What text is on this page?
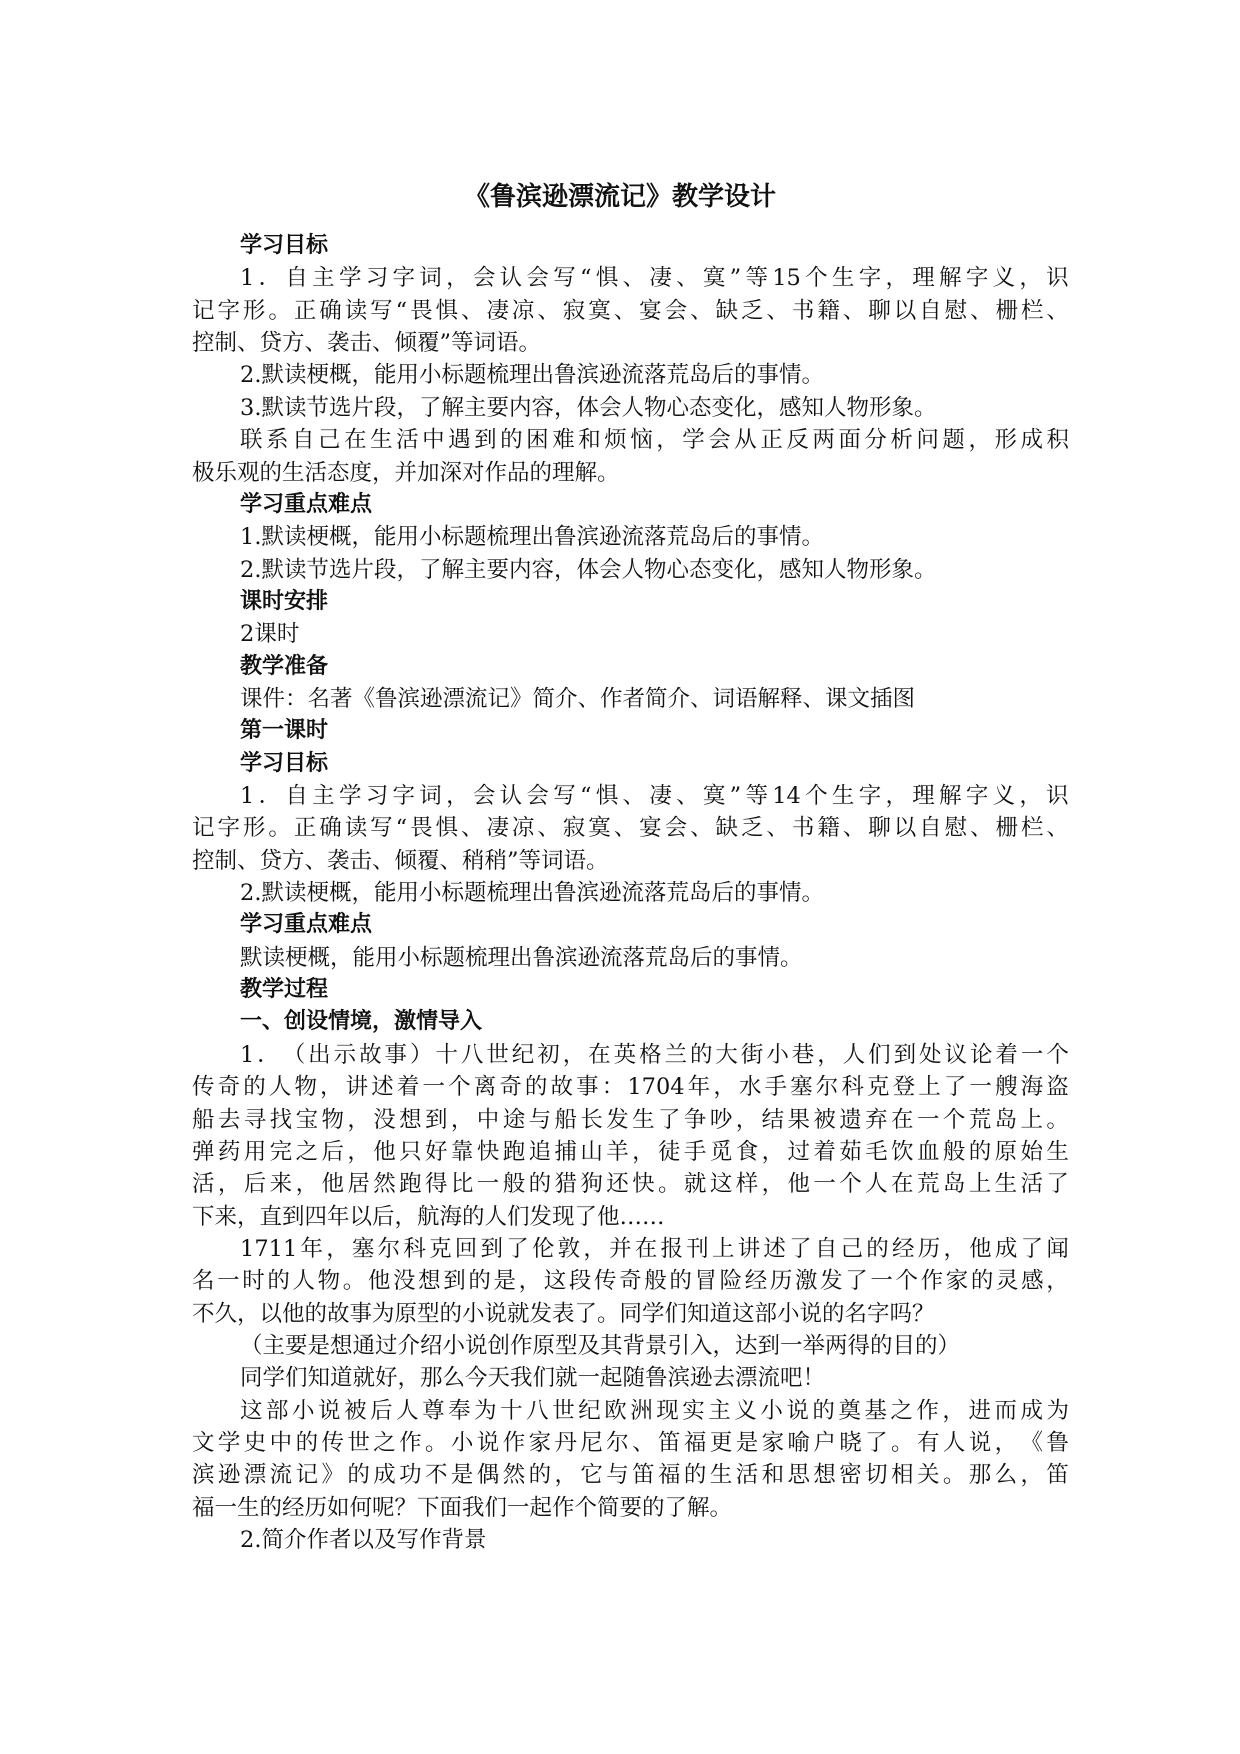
《鲁滨逊漂流记》教学设计
学习目标
1 ． 自 主 学 习 字 词 ， 会 认 会 写 “ 惧 、 凄 、 寞 ” 等 15 个 生 字 ， 理 解 字 义 ， 识
记 字 形 。 正 确 读 写 “ 畏 惧 、 凄 凉 、 寂 寞 、 宴 会 、 缺 乏 、 书 籍 、 聊 以 自 慰 、 栅 栏 、
控制、贷方、袭击、倾覆”等词语。
2.默读梗概，能用小标题梳理出鲁滨逊流落荒岛后的事情。
3.默读节选片段，了解主要内容，体会人物心态变化，感知人物形象。
联 系 自 己 在 生 活 中 遇 到 的 困 难 和 烦 恼 ， 学 会 从 正 反 两 面 分 析 问 题 ， 形 成 积
极乐观的生活态度，并加深对作品的理解。
学习重点难点
1.默读梗概，能用小标题梳理出鲁滨逊流落荒岛后的事情。
2.默读节选片段，了解主要内容，体会人物心态变化，感知人物形象。
课时安排
2课时
教学准备
课件：名著《鲁滨逊漂流记》简介、作者简介、词语解释、课文插图
第一课时
学习目标
1 ． 自 主 学 习 字 词 ， 会 认 会 写 “ 惧 、 凄 、 寞 ” 等 14 个 生 字 ， 理 解 字 义 ， 识
记 字 形 。 正 确 读 写 “ 畏 惧 、 凄 凉 、 寂 寞 、 宴 会 、 缺 乏 、 书 籍 、 聊 以 自 慰 、 栅 栏 、
控制、贷方、袭击、倾覆、稍稍”等词语。
2.默读梗概，能用小标题梳理出鲁滨逊流落荒岛后的事情。
学习重点难点
默读梗概，能用小标题梳理出鲁滨逊流落荒岛后的事情。
教学过程
一、创设情境，激情导入
1 ． （ 出 示 故 事 ） 十 八 世 纪 初 ， 在 英 格 兰 的 大 街 小 巷 ， 人 们 到 处 议 论 着 一 个
传 奇 的 人 物 ， 讲 述 着 一 个 离 奇 的 故 事 ： 1704 年 ， 水 手 塞 尔 科 克 登 上 了 一 艘 海 盗
船 去 寻 找 宝 物 ， 没 想 到 ， 中 途 与 船 长 发 生 了 争 吵 ， 结 果 被 遗 弃 在 一 个 荒 岛 上 。
弹 药 用 完 之 后 ， 他 只 好 靠 快 跑 追 捕 山 羊 ， 徒 手 觅 食 ， 过 着 茹 毛 饮 血 般 的 原 始 生
活 ， 后 来 ， 他 居 然 跑 得 比 一 般 的 猎 狗 还 快 。 就 这 样 ， 他 一 个 人 在 荒 岛 上 生 活 了
下来，直到四年以后，航海的人们发现了他……
1711 年 ， 塞 尔 科 克 回 到 了 伦 敦 ， 并 在 报 刊 上 讲 述 了 自 己 的 经 历 ， 他 成 了 闻
名 一 时 的 人 物 。 他 没 想 到 的 是 ， 这 段 传 奇 般 的 冒 险 经 历 激 发 了 一 个 作 家 的 灵 感 ，
不久，以他的故事为原型的小说就发表了。同学们知道这部小说的名字吗？
（主要是想通过介绍小说创作原型及其背景引入，达到一举两得的目的）
同学们知道就好，那么今天我们就一起随鲁滨逊去漂流吧！
这 部 小 说 被 后 人 尊 奉 为 十 八 世 纪 欧 洲 现 实 主 义 小 说 的 奠 基 之 作 ， 进 而 成 为
文 学 史 中 的 传 世 之 作 。 小 说 作 家 丹 尼 尔 、 笛 福 更 是 家 喻 户 晓 了 。 有 人 说 ， 《 鲁
滨 逊 漂 流 记 》 的 成 功 不 是 偶 然 的 ， 它 与 笛 福 的 生 活 和 思 想 密 切 相 关 。 那 么 ， 笛
福一生的经历如何呢？下面我们一起作个简要的了解。
2.简介作者以及写作背景
